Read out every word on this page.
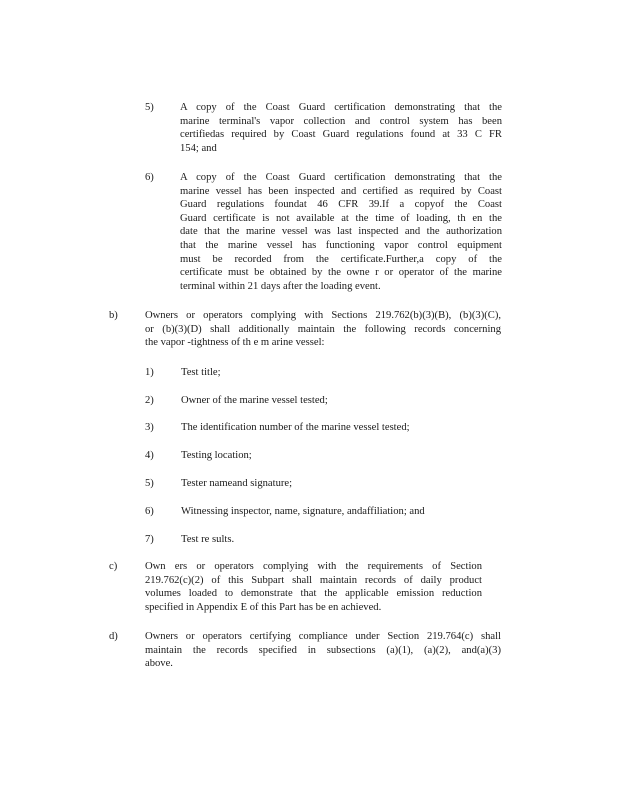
5) A copy of the Coast Guard certification demonstrating that the
marine terminal's vapor collection and control system has been
certifiedas required by Coast Guard regulations found at 33 C FR
154; and
6) A copy of the Coast Guard certification demonstrating that the
marine vessel has been inspected and certified as required by Coast
Guard regulations foundat 46 CFR 39.If a copyof the Coast
Guard certificate is not available at the time of loading, th en the
date that the marine vessel was last inspected and the authorization
that the marine vessel has functioning vapor control equipment
must be recorded from the certificate.Further,a copy of the
certificate must be obtained by the owne r or operator of the marine
terminal within 21 days after the loading event.
b)	Owners or operators complying with Sections 219.762(b)(3)(B), (b)(3)(C),
or (b)(3)(D) shall additionally maintain the following records concerning
the vapor -tightness of th e m arine vessel:
1)	Test title;
2)	Owner of the marine vessel tested;
3)	The identification number of the marine vessel tested;
4)	Testing location;
5)	Tester nameand signature;
6)	Witnessing inspector, name, signature, andaffiliation; and
7)	Test re sults.
c)	Own ers or operators complying with the requirements of Section
219.762(c)(2) of this Subpart shall maintain records of daily product
volumes loaded to demonstrate that the applicable emission reduction
specified in Appendix E of this Part has be en achieved.
d)	Owners or operators certifying compliance under Section 219.764(c) shall
maintain the records specified in subsections (a)(1), (a)(2), and(a)(3)
above.
